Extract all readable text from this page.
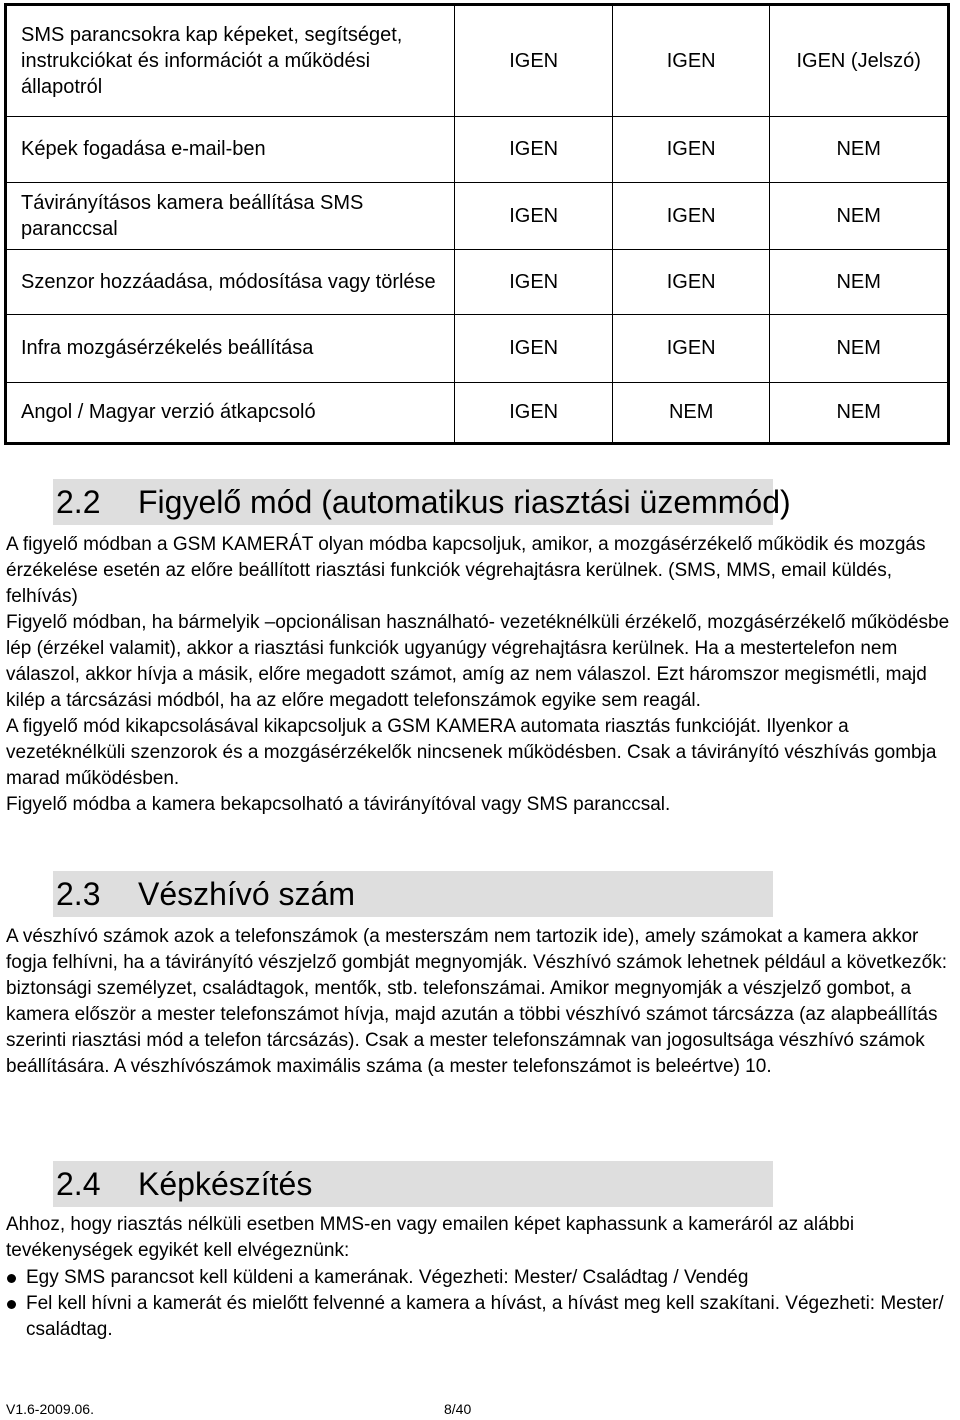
SMS parancsokra kap képeket, segítséget, instrukciókat és információt a működési állapotról	IGEN	IGEN	IGEN (Jelszó)
Képek fogadása e-mail-ben	IGEN	IGEN	NEM
Távirányításos kamera beállítása SMS paranccsal	IGEN	IGEN	NEM
Szenzor hozzáadása, módosítása vagy törlése	IGEN	IGEN	NEM
Infra mozgásérzékelés beállítása	IGEN	IGEN	NEM
Angol / Magyar verzió átkapcsoló	IGEN	NEM	NEM
2.2 Figyelő mód (automatikus riasztási üzemmód)

A figyelő módban a GSM KAMERÁT olyan módba kapcsoljuk, amikor, a mozgásérzékelő működik és mozgás érzékelése esetén az előre beállított riasztási funkciók végrehajtásra kerülnek. (SMS, MMS, email küldés, felhívás)

Figyelő módban, ha bármelyik –opcionálisan használható- vezetéknélküli érzékelő, mozgásérzékelő működésbe lép (érzékel valamit), akkor a riasztási funkciók ugyanúgy végrehajtásra kerülnek. Ha a mestertelefon nem válaszol, akkor hívja a másik, előre megadott számot, amíg az nem válaszol. Ezt háromszor megismétli, majd kilép a tárcsázási módból, ha az előre megadott telefonszámok egyike sem reagál.

A figyelő mód kikapcsolásával kikapcsoljuk a GSM KAMERA automata riasztás funkcióját. Ilyenkor a vezetéknélküli szenzorok és a mozgásérzékelők nincsenek működésben. Csak a távirányító vészhívás gombja marad működésben.

Figyelő módba a kamera bekapcsolható a távirányítóval vagy SMS paranccsal.

2.3 Vészhívó szám

A vészhívó számok azok a telefonszámok (a mesterszám nem tartozik ide), amely számokat a kamera akkor fogja felhívni, ha a távirányító vészjelző gombját megnyomják. Vészhívó számok lehetnek például a következők: biztonsági személyzet, családtagok, mentők, stb. telefonszámai. Amikor megnyomják a vészjelző gombot, a kamera először a mester telefonszámot hívja, majd azután a többi vészhívó számot tárcsázza (az alapbeállítás szerinti riasztási mód a telefon tárcsázás). Csak a mester telefonszámnak van jogosultsága vészhívó számok beállítására. A vészhívószámok maximális száma (a mester telefonszámot is beleértve) 10.

2.4 Képkészítés

Ahhoz, hogy riasztás nélküli esetben MMS-en vagy emailen képet kaphassunk a kameráról az alábbi tevékenységek egyikét kell elvégeznünk:

Egy SMS parancsot kell küldeni a kamerának. Végezheti: Mester/ Családtag / Vendég
Fel kell hívni a kamerát és mielőtt felvenné a kamera a hívást, a hívást meg kell szakítani. Végezheti: Mester/ családtag.
V1.6-2009.06.	8/40
